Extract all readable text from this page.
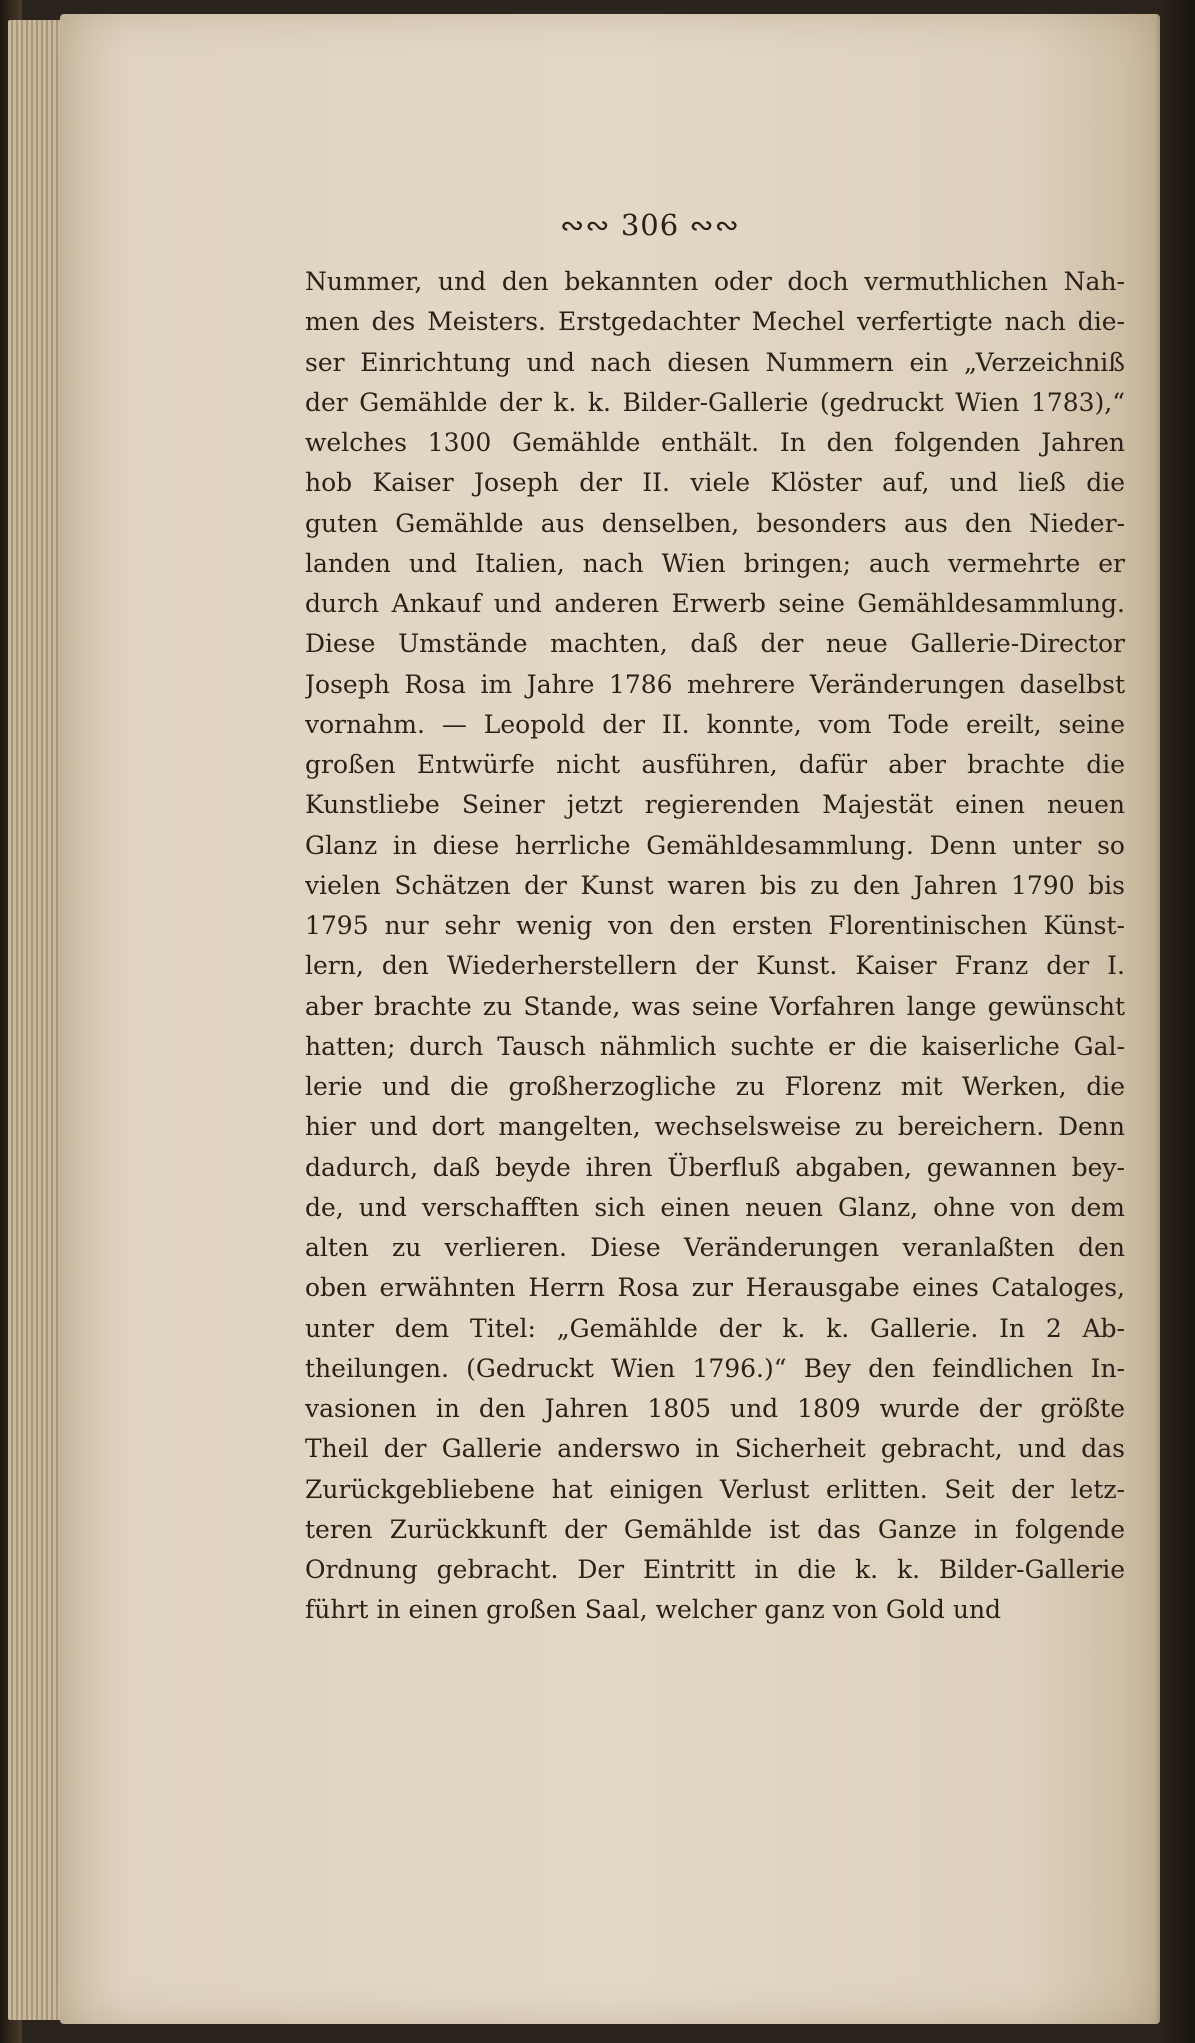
∾∾ 306 ∾∾
Nummer, und den bekannten oder doch vermuthlichen Nah-
men des Meisters. Erstgedachter Mechel verfertigte nach die-
ser Einrichtung und nach diesen Nummern ein „Verzeichniß
der Gemählde der k. k. Bilder-Gallerie (gedruckt Wien 1783),“
welches 1300 Gemählde enthält. In den folgenden Jahren
hob Kaiser Joseph der II. viele Klöster auf, und ließ die
guten Gemählde aus denselben, besonders aus den Nieder-
landen und Italien, nach Wien bringen; auch vermehrte er
durch Ankauf und anderen Erwerb seine Gemähldesammlung.
Diese Umstände machten, daß der neue Gallerie-Director
Joseph Rosa im Jahre 1786 mehrere Veränderungen daselbst
vornahm. — Leopold der II. konnte, vom Tode ereilt, seine
großen Entwürfe nicht ausführen, dafür aber brachte die
Kunstliebe Seiner jetzt regierenden Majestät einen neuen
Glanz in diese herrliche Gemähldesammlung. Denn unter so
vielen Schätzen der Kunst waren bis zu den Jahren 1790 bis
1795 nur sehr wenig von den ersten Florentinischen Künst-
lern, den Wiederherstellern der Kunst. Kaiser Franz der I.
aber brachte zu Stande, was seine Vorfahren lange gewünscht
hatten; durch Tausch nähmlich suchte er die kaiserliche Gal-
lerie und die großherzogliche zu Florenz mit Werken, die
hier und dort mangelten, wechselsweise zu bereichern. Denn
dadurch, daß beyde ihren Überfluß abgaben, gewannen bey-
de, und verschafften sich einen neuen Glanz, ohne von dem
alten zu verlieren. Diese Veränderungen veranlaßten den
oben erwähnten Herrn Rosa zur Herausgabe eines Cataloges,
unter dem Titel: „Gemählde der k. k. Gallerie. In 2 Ab-
theilungen. (Gedruckt Wien 1796.)“ Bey den feindlichen In-
vasionen in den Jahren 1805 und 1809 wurde der größte
Theil der Gallerie anderswo in Sicherheit gebracht, und das
Zurückgebliebene hat einigen Verlust erlitten. Seit der letz-
teren Zurückkunft der Gemählde ist das Ganze in folgende
Ordnung gebracht. Der Eintritt in die k. k. Bilder-Gallerie
führt in einen großen Saal, welcher ganz von Gold und
